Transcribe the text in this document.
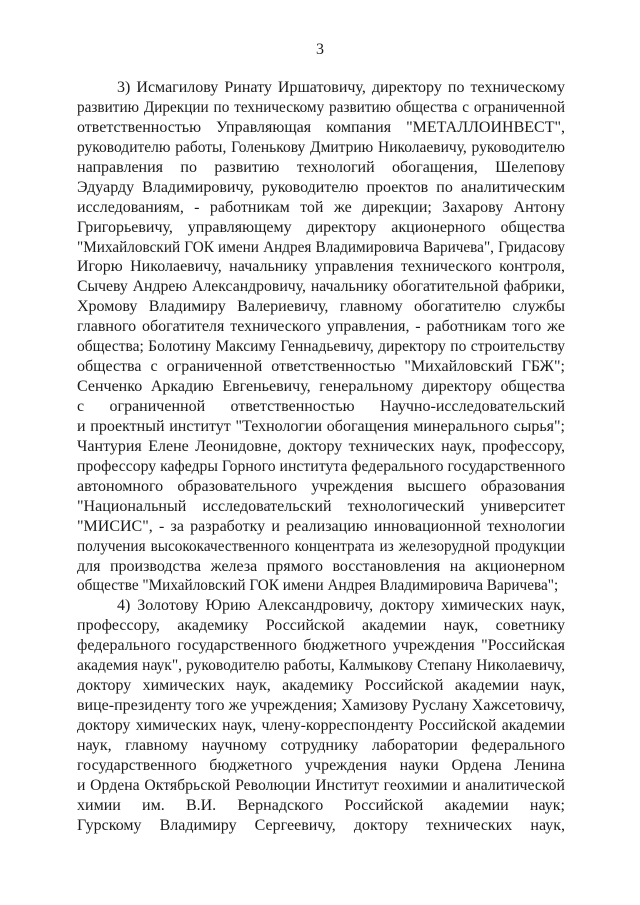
3
3) Исмагилову Ринату Иршатовичу, директору по техническому
развитию Дирекции по техническому развитию общества с ограниченной
ответственностью Управляющая компания "МЕТАЛЛОИНВЕСТ",
руководителю работы, Голенькову Дмитрию Николаевичу, руководителю
направления по развитию технологий обогащения, Шелепову
Эдуарду Владимировичу, руководителю проектов по аналитическим
исследованиям, - работникам той же дирекции; Захарову Антону
Григорьевичу, управляющему директору акционерного общества
"Михайловский ГОК имени Андрея Владимировича Варичева", Гридасову
Игорю Николаевичу, начальнику управления технического контроля,
Сычеву Андрею Александровичу, начальнику обогатительной фабрики,
Хромову Владимиру Валериевичу, главному обогатителю службы
главного обогатителя технического управления, - работникам того же
общества; Болотину Максиму Геннадьевичу, директору по строительству
общества с ограниченной ответственностью "Михайловский ГБЖ";
Сенченко Аркадию Евгеньевичу, генеральному директору общества
с ограниченной ответственностью Научно-исследовательский
и проектный институт "Технологии обогащения минерального сырья";
Чантурия Елене Леонидовне, доктору технических наук, профессору,
профессору кафедры Горного института федерального государственного
автономного образовательного учреждения высшего образования
"Национальный исследовательский технологический университет
"МИСИС", - за разработку и реализацию инновационной технологии
получения высококачественного концентрата из железорудной продукции
для производства железа прямого восстановления на акционерном
обществе "Михайловский ГОК имени Андрея Владимировича Варичева";
4) Золотову Юрию Александровичу, доктору химических наук,
профессору, академику Российской академии наук, советнику
федерального государственного бюджетного учреждения "Российская
академия наук", руководителю работы, Калмыкову Степану Николаевичу,
доктору химических наук, академику Российской академии наук,
вице-президенту того же учреждения; Хамизову Руслану Хажсетовичу,
доктору химических наук, члену-корреспонденту Российской академии
наук, главному научному сотруднику лаборатории федерального
государственного бюджетного учреждения науки Ордена Ленина
и Ордена Октябрьской Революции Институт геохимии и аналитической
химии им. В.И. Вернадского Российской академии наук;
Гурскому Владимиру Сергеевичу, доктору технических наук,
